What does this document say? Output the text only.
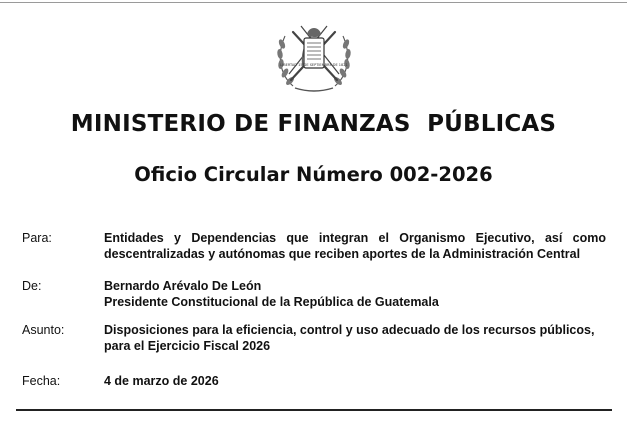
LIBERTAD 15 DE SEPTIEMBRE DE 1821
MINISTERIO DE FINANZAS  PÚBLICAS
Oficio Circular Número 002-2026
Para:	Entidades y Dependencias que integran el Organismo Ejecutivo, así como
descentralizadas y autónomas que reciben aportes de la Administración Central
De:	Bernardo Arévalo De León
Presidente Constitucional de la República de Guatemala
Asunto:	Disposiciones para la eficiencia, control y uso adecuado de los recursos públicos,
para el Ejercicio Fiscal 2026
Fecha:	4 de marzo de 2026
